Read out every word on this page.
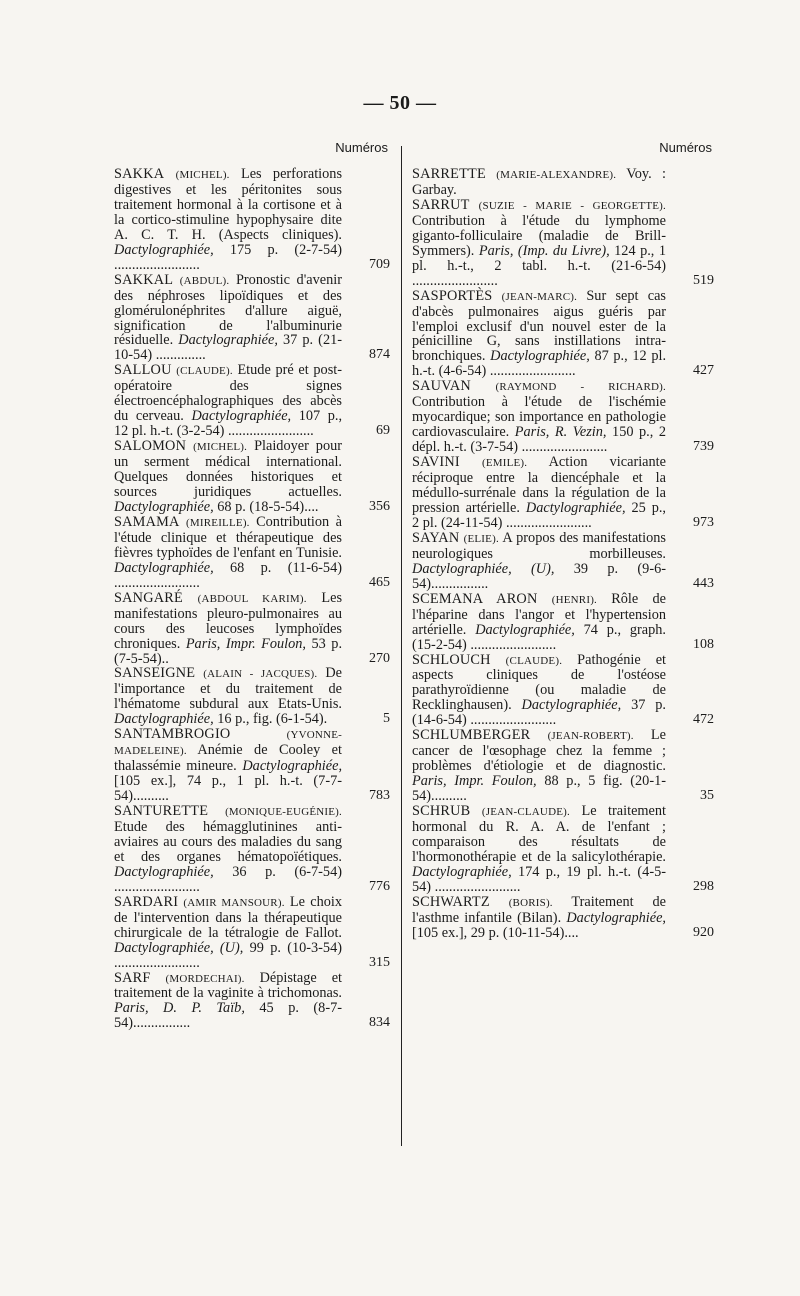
— 50 —
Numéros
SAKKA (MICHEL). Les perforations digestives et les péritonites sous traitement hormonal à la cortisone et à la cortico-stimuline hypophysaire dite A. C. T. H. (Aspects cliniques). Dactylographiée, 175 p. (2-7-54) ........................	709
SAKKAL (ABDUL). Pronostic d'avenir des néphroses lipoïdiques et des glomérulonéphrites d'allure aiguë, signification de l'albuminurie résiduelle. Dactylographiée, 37 p. (21-10-54) ..............	874
SALLOU (CLAUDE). Etude pré et post-opératoire des signes électroencéphalographiques des abcès du cerveau. Dactylographiée, 107 p., 12 pl. h.-t. (3-2-54) ........................	69
SALOMON (MICHEL). Plaidoyer pour un serment médical international. Quelques données historiques et sources juridiques actuelles. Dactylographiée, 68 p. (18-5-54)....	356
SAMAMA (MIREILLE). Contribution à l'étude clinique et thérapeutique des fièvres typhoïdes de l'enfant en Tunisie. Dactylographiée, 68 p. (11-6-54) ........................	465
SANGARÉ (ABDOUL KARIM). Les manifestations pleuro-pulmonaires au cours des leucoses lymphoïdes chroniques. Paris, Impr. Foulon, 53 p. (7-5-54)..	270
SANSEIGNE (ALAIN - JACQUES). De l'importance et du traitement de l'hématome subdural aux Etats-Unis. Dactylographiée, 16 p., fig. (6-1-54).	5
SANTAMBROGIO	(YVONNE-MADELEINE). Anémie de Cooley et thalassémie mineure. Dactylographiée, [105 ex.], 74 p., 1 pl. h.-t. (7-7-54)..........	783
SANTURETTE (MONIQUE-EUGÉNIE). Etude des hémagglutinines anti-aviaires au cours des maladies du sang et des organes hématopoïétiques. Dactylographiée, 36 p. (6-7-54) ........................	776
SARDARI (AMIR MANSOUR). Le choix de l'intervention dans la thérapeutique chirurgicale de la tétralogie de Fallot. Dactylographiée, (U), 99 p. (10-3-54) ........................	315
SARF (MORDECHAI). Dépistage et traitement de la vaginite à trichomonas. Paris, D. P. Taïb, 45 p. (8-7-54)................	834
Numéros
SARRETTE (MARIE-ALEXANDRE). Voy. : Garbay.
SARRUT (SUZIE - MARIE - GEORGETTE). Contribution à l'étude du lymphome giganto-folliculaire (maladie de Brill-Symmers). Paris, (Imp. du Livre), 124 p., 1 pl. h.-t., 2 tabl. h.-t. (21-6-54) ........................	519
SASPORTÈS (JEAN-MARC). Sur sept cas d'abcès pulmonaires aigus guéris par l'emploi exclusif d'un nouvel ester de la pénicilline G, sans instillations intra-bronchiques. Dactylographiée, 87 p., 12 pl. h.-t. (4-6-54) ........................	427
SAUVAN (RAYMOND - RICHARD). Contribution à l'étude de l'ischémie myocardique; son importance en pathologie cardiovasculaire. Paris, R. Vezin, 150 p., 2 dépl. h.-t. (3-7-54) ........................	739
SAVINI (EMILE). Action vicariante réciproque entre la diencéphale et la médullo-surrénale dans la régulation de la pression artérielle. Dactylographiée, 25 p., 2 pl. (24-11-54) ........................	973
SAYAN (ELIE). A propos des manifestations neurologiques morbilleuses. Dactylographiée, (U), 39 p. (9-6-54)................	443
SCEMANA ARON (HENRI). Rôle de l'héparine dans l'angor et l'hypertension artérielle. Dactylographiée, 74 p., graph. (15-2-54) ........................	108
SCHLOUCH (CLAUDE). Pathogénie et aspects cliniques de l'ostéose parathyroïdienne (ou maladie de Recklinghausen). Dactylographiée, 37 p. (14-6-54) ........................	472
SCHLUMBERGER (JEAN-ROBERT). Le cancer de l'œsophage chez la femme ; problèmes d'étiologie et de diagnostic. Paris, Impr. Foulon, 88 p., 5 fig. (20-1-54)..........	35
SCHRUB (JEAN-CLAUDE). Le traitement hormonal du R. A. A. de l'enfant ; comparaison des résultats de l'hormonothérapie et de la salicylothérapie. Dactylographiée, 174 p., 19 pl. h.-t. (4-5-54) ........................	298
SCHWARTZ (BORIS). Traitement de l'asthme infantile (Bilan). Dactylographiée, [105 ex.], 29 p. (10-11-54)....	920
